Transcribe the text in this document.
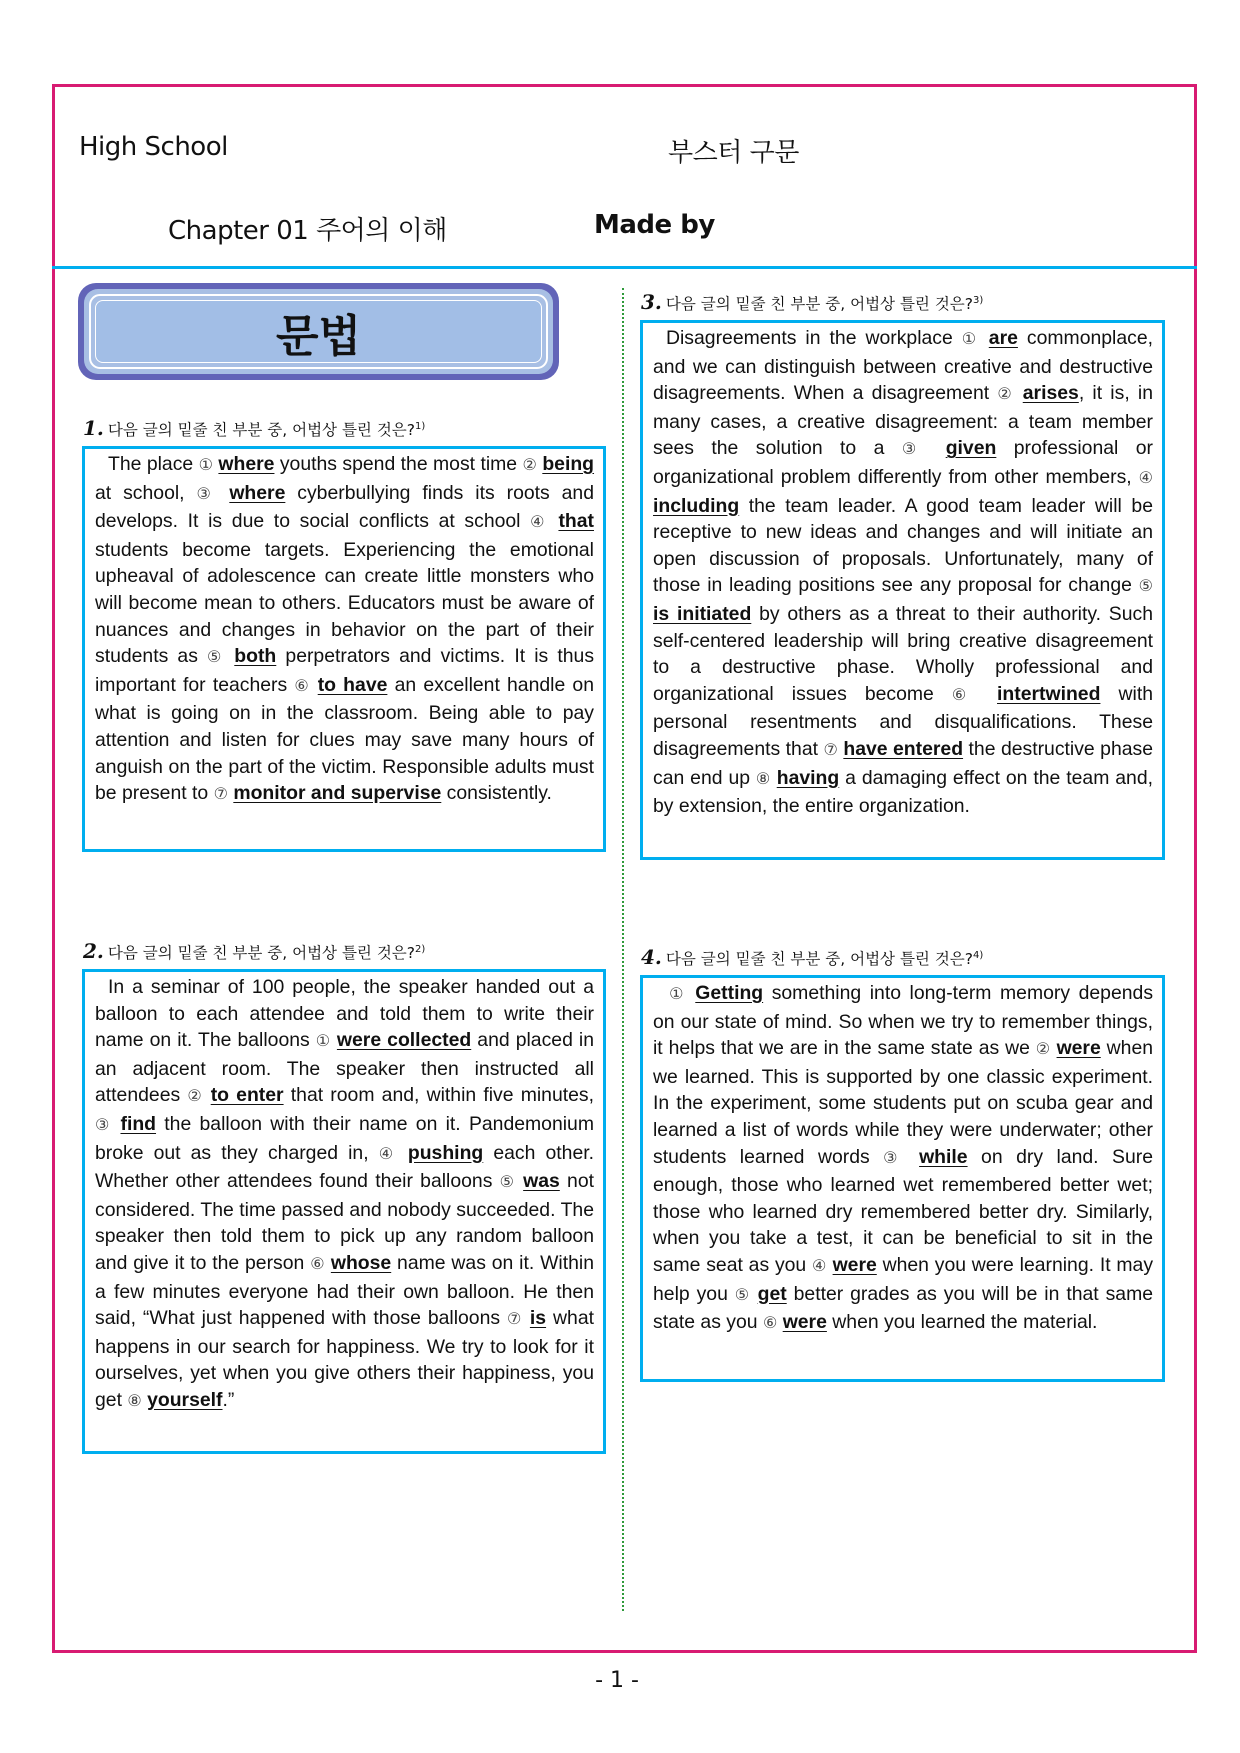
High School	부스터 구문
Chapter 01 주어의 이해	Made by
문법
1. 다음 글의 밑줄 친 부분 중, 어법상 틀린 것은?$^{1)}$
The place ① where youths spend the most time ② being at school, ③ where cyberbullying finds its roots and develops. It is due to social conflicts at school ④ that students become targets. Experiencing the emotional upheaval of adolescence can create little monsters who will become mean to others. Educators must be aware of nuances and changes in behavior on the part of their students as ⑤ both perpetrators and victims. It is thus important for teachers ⑥ to have an excellent handle on what is going on in the classroom. Being able to pay attention and listen for clues may save many hours of anguish on the part of the victim. Responsible adults must be present to ⑦ monitor and supervise consistently.
2. 다음 글의 밑줄 친 부분 중, 어법상 틀린 것은?$^{2)}$
In a seminar of 100 people, the speaker handed out a balloon to each attendee and told them to write their name on it. The balloons ① were collected and placed in an adjacent room. The speaker then instructed all attendees ② to enter that room and, within five minutes, ③ find the balloon with their name on it. Pandemonium broke out as they charged in, ④ pushing each other. Whether other attendees found their balloons ⑤ was not considered. The time passed and nobody succeeded. The speaker then told them to pick up any random balloon and give it to the person ⑥ whose name was on it. Within a few minutes everyone had their own balloon. He then said, “What just happened with those balloons ⑦ is what happens in our search for happiness. We try to look for it ourselves, yet when you give others their happiness, you get ⑧ yourself.”
3. 다음 글의 밑줄 친 부분 중, 어법상 틀린 것은?$^{3)}$
Disagreements in the workplace ① are commonplace, and we can distinguish between creative and destructive disagreements. When a disagreement ② arises, it is, in many cases, a creative disagreement: a team member sees the solution to a ③ given professional or organizational problem differently from other members, ④ including the team leader. A good team leader will be receptive to new ideas and changes and will initiate an open discussion of proposals. Unfortunately, many of those in leading positions see any proposal for change ⑤ is initiated by others as a threat to their authority. Such self-centered leadership will bring creative disagreement to a destructive phase. Wholly professional and organizational issues become ⑥ intertwined with personal resentments and disqualifications. These disagreements that ⑦ have entered the destructive phase can end up ⑧ having a damaging effect on the team and, by extension, the entire organization.
4. 다음 글의 밑줄 친 부분 중, 어법상 틀린 것은?$^{4)}$
① Getting something into long-term memory depends on our state of mind. So when we try to remember things, it helps that we are in the same state as we ② were when we learned. This is supported by one classic experiment. In the experiment, some students put on scuba gear and learned a list of words while they were underwater; other students learned words ③ while on dry land. Sure enough, those who learned wet remembered better wet; those who learned dry remembered better dry. Similarly, when you take a test, it can be beneficial to sit in the same seat as you ④ were when you were learning. It may help you ⑤ get better grades as you will be in that same state as you ⑥ were when you learned the material.
- 1 -
